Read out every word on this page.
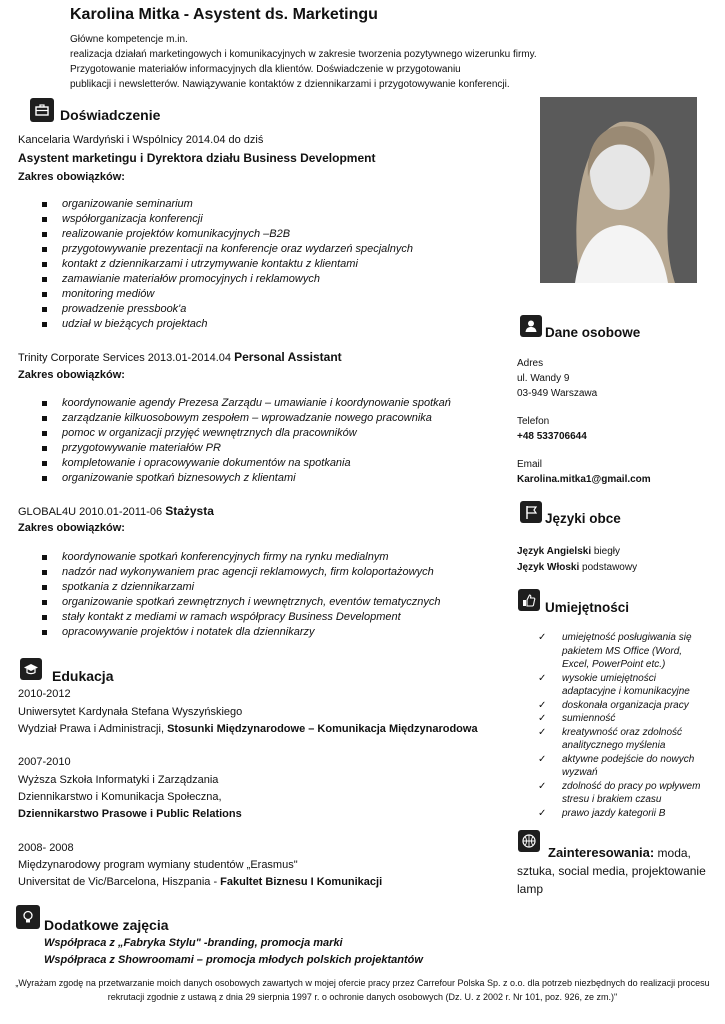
Karolina Mitka - Asystent ds. Marketingu
Główne kompetencje m.in.
realizacja działań marketingowych i komunikacyjnych w zakresie tworzenia pozytywnego wizerunku firmy.
Przygotowanie materiałów informacyjnych dla klientów. Doświadczenie w przygotowaniu
publikacji i newsletterów. Nawiązywanie kontaktów z dziennikarzami i przygotowywanie konferencji.
Doświadczenie
Kancelaria Wardyński i Wspólnicy 2014.04 do dziś
Asystent marketingu i Dyrektora działu Business Development
Zakres obowiązków:
organizowanie seminarium
współorganizacja konferencji
realizowanie projektów komunikacyjnych –B2B
przygotowywanie prezentacji na konferencje oraz wydarzeń specjalnych
kontakt z dziennikarzami i utrzymywanie kontaktu z klientami
zamawianie materiałów promocyjnych i reklamowych
monitoring mediów
prowadzenie pressbook'a
udział w bieżących projektach
Trinity Corporate Services 2013.01-2014.04 Personal Assistant
Zakres obowiązków:
koordynowanie agendy Prezesa Zarządu – umawianie i koordynowanie spotkań
zarządzanie kilkuosobowym zespołem – wprowadzanie nowego pracownika
pomoc w organizacji przyjęć wewnętrznych dla pracowników
przygotowywanie materiałów PR
kompletowanie i opracowywanie dokumentów na spotkania
organizowanie spotkań biznesowych z klientami
GLOBAL4U 2010.01-2011-06 Stażysta
Zakres obowiązków:
koordynowanie spotkań konferencyjnych firmy na rynku medialnym
nadzór nad wykonywaniem prac agencji reklamowych, firm koloportażowych
spotkania z dziennikarzami
organizowanie spotkań zewnętrznych i wewnętrznych, eventów tematycznych
stały kontakt z mediami w ramach współpracy Business Development
opracowywanie projektów i notatek dla dziennikarzy
Edukacja
2010-2012
Uniwersytet Kardynała Stefana Wyszyńskiego
Wydział Prawa i Administracji, Stosunki Międzynarodowe – Komunikacja Międzynarodowa
2007-2010
Wyższa Szkoła Informatyki i Zarządzania
Dziennikarstwo i Komunikacja Społeczna,
Dziennikarstwo Prasowe i Public Relations
2008- 2008
Międzynarodowy program wymiany studentów „Erasmus"
Universitat de Vic/Barcelona, Hiszpania - Fakultet Biznesu I Komunikacji
Dodatkowe zajęcia
Współpraca z „Fabryka Stylu" -branding, promocja marki
Współpraca z Showroomami – promocja młodych polskich projektantów
Dane osobowe
Adres
ul. Wandy 9
03-949 Warszawa
Telefon
+48 533706644
Email
Karolina.mitka1@gmail.com
Języki obce
Język Angielski biegły
Język Włoski podstawowy
Umiejętności
✓ umiejętność posługiwania się pakietem MS Office (Word, Excel, PowerPoint etc.)
✓ wysokie umiejętności adaptacyjne i komunikacyjne
✓ doskonała organizacja pracy
✓ sumienność
✓ kreatywność oraz zdolność analitycznego myślenia
✓ aktywne podejście do nowych wyzwań
✓ zdolność do pracy po wpływem stresu i brakiem czasu
✓ prawo jazdy kategorii B
Zainteresowania: moda,
sztuka, social media, projektowanie lamp
„Wyrażam zgodę na przetwarzanie moich danych osobowych zawartych w mojej ofercie pracy przez Carrefour Polska Sp. z o.o. dla potrzeb niezbędnych do realizacji procesu rekrutacji zgodnie z ustawą z dnia 29 sierpnia 1997 r. o ochronie danych osobowych (Dz. U. z 2002 r. Nr 101, poz. 926, ze zm.)"
